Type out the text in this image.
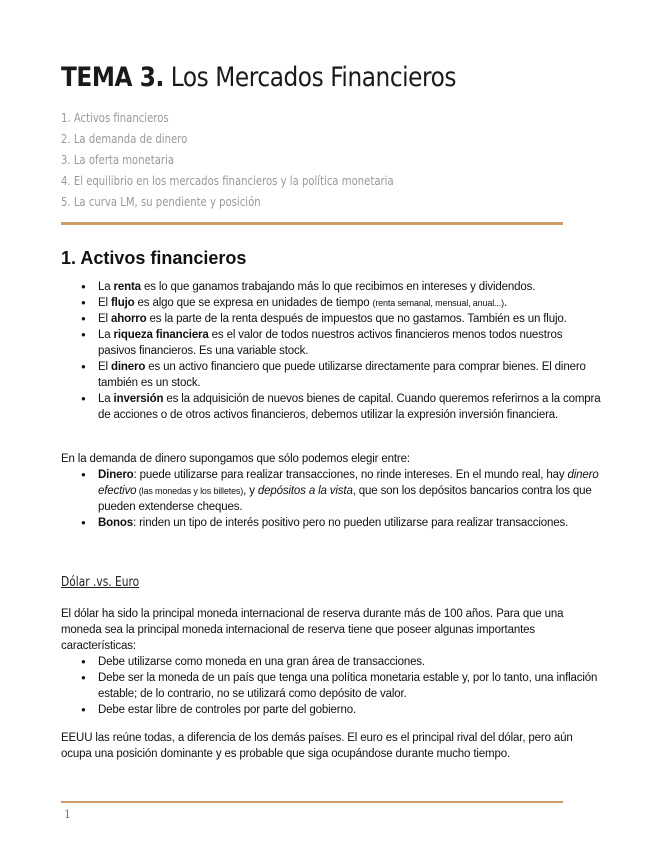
TEMA 3. Los Mercados Financieros
1. Activos financieros
2. La demanda de dinero
3. La oferta monetaria
4. El equilibrio en los mercados financieros y la política monetaria
5. La curva LM, su pendiente y posición
1. Activos financieros
● La renta es lo que ganamos trabajando más lo que recibimos en intereses y dividendos.
● El flujo es algo que se expresa en unidades de tiempo (renta semanal, mensual, anual...).
● El ahorro es la parte de la renta después de impuestos que no gastamos. También es un flujo.
● La riqueza financiera es el valor de todos nuestros activos financieros menos todos nuestros pasivos financieros. Es una variable stock.
● El dinero es un activo financiero que puede utilizarse directamente para comprar bienes. El dinero también es un stock.
● La inversión es la adquisición de nuevos bienes de capital. Cuando queremos referirnos a la compra de acciones o de otros activos financieros, debemos utilizar la expresión inversión financiera.

En la demanda de dinero supongamos que sólo podemos elegir entre:

● Dinero: puede utilizarse para realizar transacciones, no rinde intereses. En el mundo real, hay dinero efectivo (las monedas y los billetes), y depósitos a la vista, que son los depósitos bancarios contra los que pueden extenderse cheques.
● Bonos: rinden un tipo de interés positivo pero no pueden utilizarse para realizar transacciones.
Dólar .vs. Euro

El dólar ha sido la principal moneda internacional de reserva durante más de 100 años. Para que una moneda sea la principal moneda internacional de reserva tiene que poseer algunas importantes características:

● Debe utilizarse como moneda en una gran área de transacciones.
● Debe ser la moneda de un país que tenga una política monetaria estable y, por lo tanto, una inflación estable; de lo contrario, no se utilizará como depósito de valor.
● Debe estar libre de controles por parte del gobierno.

EEUU las reúne todas, a diferencia de los demás países. El euro es el principal rival del dólar, pero aún ocupa una posición dominante y es probable que siga ocupándose durante mucho tiempo.

1
